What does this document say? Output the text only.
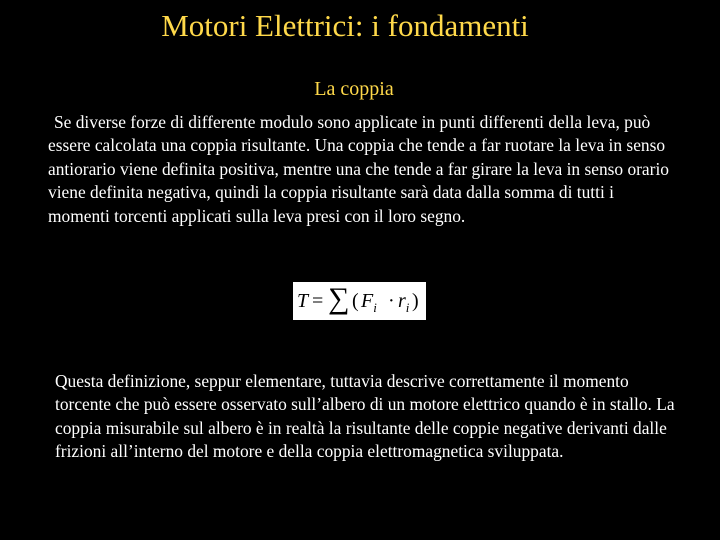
Motori Elettrici: i fondamenti
La coppia

Se diverse forze di differente modulo sono applicate in punti differenti della leva, può essere calcolata una coppia risultante. Una coppia che tende a far ruotare la leva in senso antiorario viene definita positiva, mentre una che tende a far girare la leva in senso orario viene definita negativa, quindi la coppia risultante sarà data dalla somma di tutti i momenti torcenti applicati sulla leva presi con il loro segno.

T = ∑ ( $F_i \cdot r_i$ )

Questa definizione, seppur elementare, tuttavia descrive correttamente il momento torcente che può essere osservato sull’albero di un motore elettrico quando è in stallo. La coppia misurabile sul albero è in realtà la risultante delle coppie negative derivanti dalle frizioni all’interno del motore e della coppia elettromagnetica sviluppata.
